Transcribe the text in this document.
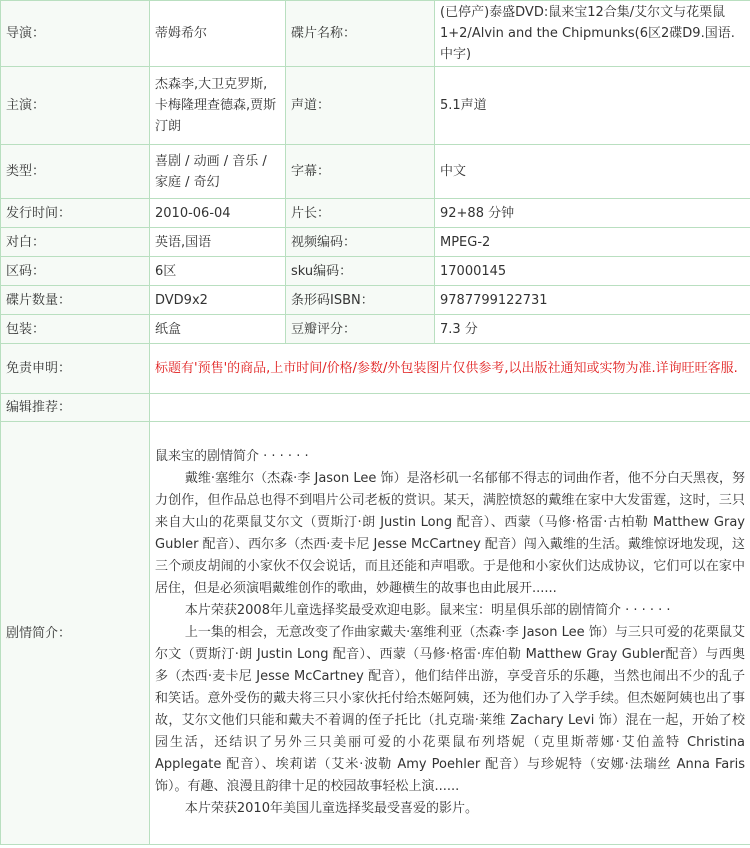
导演：	蒂姆希尔	碟片名称：	(已停产)泰盛DVD:鼠来宝12合集/艾尔文与花栗鼠1+2/Alvin and the Chipmunks(6区2碟D9.国语.中字)
主演：	杰森李,大卫克罗斯,卡梅隆理查德森,贾斯汀朗	声道：	5.1声道
类型：	喜剧 / 动画 / 音乐 / 家庭 / 奇幻	字幕：	中文
发行时间：	2010-06-04	片长：	92+88 分钟
对白：	英语,国语	视频编码：	MPEG-2
区码：	6区	sku编码：	17000145
碟片数量：	DVD9x2	条形码ISBN：	9787799122731
包装：	纸盒	豆瓣评分：	7.3 分
免责申明：	标题有'预售'的商品,上市时间/价格/参数/外包装图片仅供参考,以出版社通知或实物为准.详询旺旺客服.		
编辑推荐：			
剧情简介：	鼠来宝的剧情简介 · · · · · ·

戴维·塞维尔（杰森·李 Jason Lee 饰）是洛杉矶一名郁郁不得志的词曲作者，他不分白天黑夜，努力创作，但作品总也得不到唱片公司老板的赏识。某天，满腔愤怒的戴维在家中大发雷霆，这时，三只来自大山的花栗鼠艾尔文（贾斯汀·朗 Justin Long 配音）、西蒙（马修·格雷·古柏勒 Matthew Gray Gubler 配音）、西尔多（杰西·麦卡尼 Jesse McCartney 配音）闯入戴维的生活。戴维惊讶地发现，这三个顽皮胡闹的小家伙不仅会说话，而且还能和声唱歌。于是他和小家伙们达成协议，它们可以在家中居住，但是必须演唱戴维创作的歌曲，妙趣横生的故事也由此展开......

本片荣获2008年儿童选择奖最受欢迎电影。鼠来宝：明星俱乐部的剧情简介 · · · · · ·

上一集的相会，无意改变了作曲家戴夫·塞维利亚（杰森·李 Jason Lee 饰）与三只可爱的花栗鼠艾尔文（贾斯汀·朗 Justin Long 配音）、西蒙（马修·格雷·库伯勒 Matthew Gray Gubler配音）与西奥多（杰西·麦卡尼 Jesse McCartney 配音），他们结伴出游，享受音乐的乐趣，当然也闹出不少的乱子和笑话。意外受伤的戴夫将三只小家伙托付给杰姬阿姨，还为他们办了入学手续。但杰姬阿姨也出了事故，艾尔文他们只能和戴夫不着调的侄子托比（扎克瑞·莱维 Zachary Levi 饰）混在一起，开始了校园生活，还结识了另外三只美丽可爱的小花栗鼠布列塔妮（克里斯蒂娜·艾伯盖特 Christina Applegate 配音）、埃莉诺（艾米·波勒 Amy Poehler 配音）与珍妮特（安娜·法瑞丝 Anna Faris 饰）。有趣、浪漫且韵律十足的校园故事轻松上演......

本片荣获2010年美国儿童选择奖最受喜爱的影片。		
